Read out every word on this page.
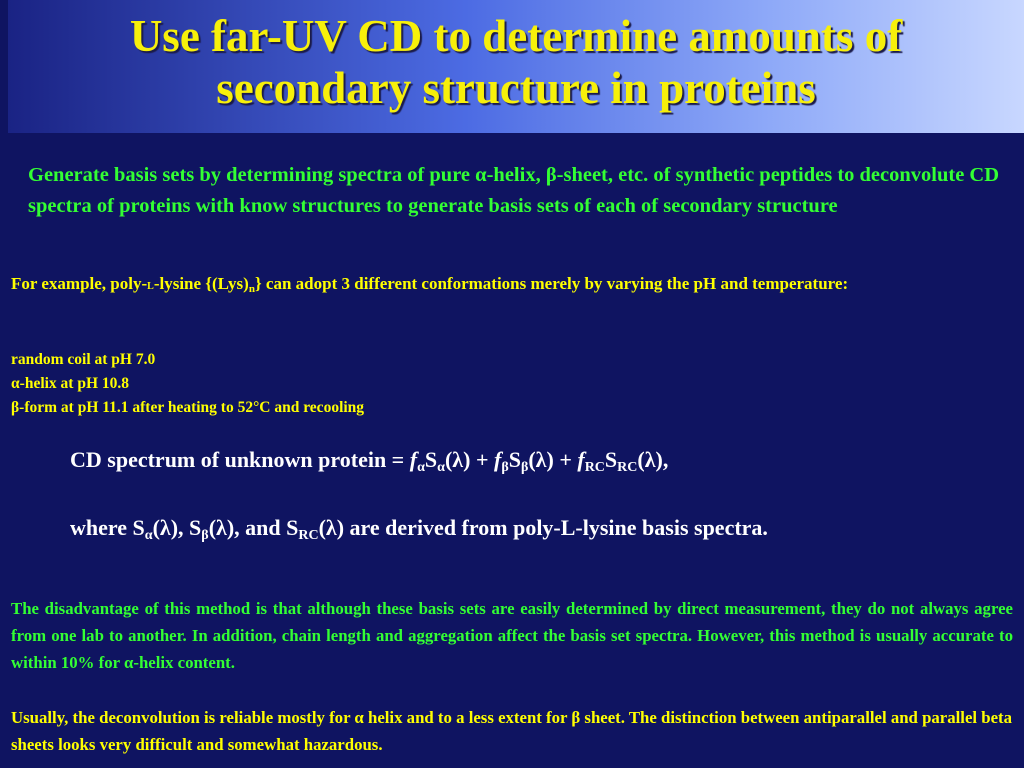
Use far-UV CD to determine amounts of
secondary structure in proteins
Generate basis sets by determining spectra of pure α-helix, β-sheet, etc. of synthetic peptides to deconvolute CD spectra of proteins with know structures to generate basis sets of each of secondary structure
For example, poly-L-lysine $\{(Lys)_n\}$ can adopt 3 different conformations merely by varying the pH and temperature:
random coil at pH 7.0
α-helix at pH 10.8
β-form at pH 11.1 after heating to 52°C and recooling
CD spectrum of unknown protein = $f_\alpha S_\alpha(\lambda) + f_\beta S_\beta(\lambda) + f_{RC}S_{RC}(\lambda)$,
where $S_\alpha(\lambda)$, $S_\beta(\lambda)$, and $S_{RC}(\lambda)$ are derived from poly-L-lysine basis spectra.
The disadvantage of this method is that although these basis sets are easily determined by direct measurement, they do not always agree from one lab to another. In addition, chain length and aggregation affect the basis set spectra. However, this method is usually accurate to within 10% for α-helix content.
Usually, the deconvolution is reliable mostly for α helix and to a less extent for β sheet. The distinction between antiparallel and parallel beta sheets looks very difficult and somewhat hazardous.
